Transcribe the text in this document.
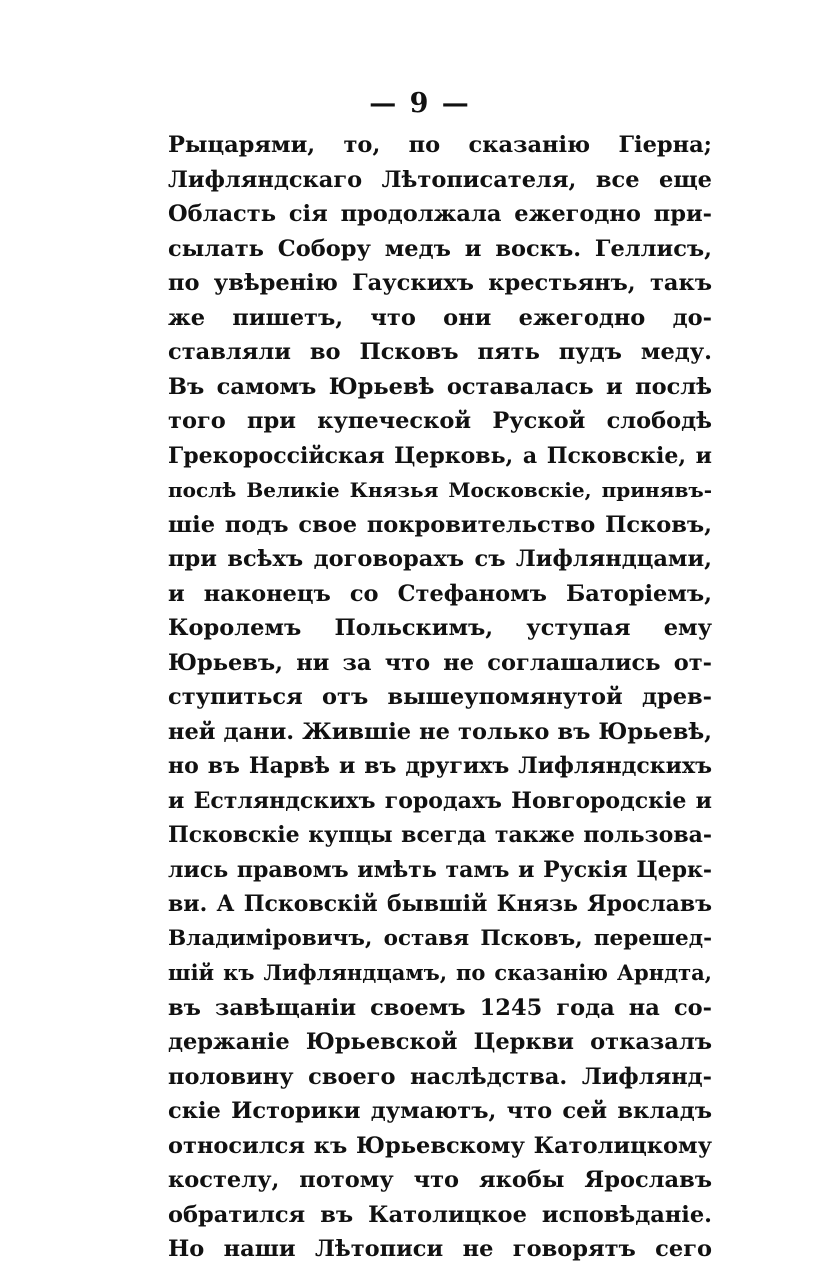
— 9 —
Рыцарями, то, по сказанію Гіерна;
Лифляндскаго Лѣтописателя, все еще
Область сія продолжала ежегодно при-
сылать Собору медъ и воскъ. Геллисъ,
по увѣренію Гаускихъ крестьянъ, такъ
же пишетъ, что они ежегодно до-
ставляли во Псковъ пять пудъ меду.
Въ самомъ Юрьевѣ оставалась и послѣ
того при купеческой Руской слободѣ
Грекороссійская Церковь, а Псковскіе, и
послѣ Великіе Князья Московскіе, принявъ-
шіе подъ свое покровительство Псковъ,
при всѣхъ договорахъ съ Лифляндцами,
и наконецъ со Стефаномъ Баторіемъ,
Королемъ Польскимъ, уступая ему
Юрьевъ, ни за что не соглашались от-
ступиться отъ вышеупомянутой древ-
ней дани. Жившіе не только въ Юрьевѣ,
но въ Нарвѣ и въ другихъ Лифляндскихъ
и Естляндскихъ городахъ Новгородскіе и
Псковскіе купцы всегда также пользова-
лись правомъ имѣть тамъ и Рускія Церк-
ви. А Псковскій бывшій Князь Ярославъ
Владиміровичъ, оставя Псковъ, перешед-
шій къ Лифляндцамъ, по сказанію Арндта,
въ завѣщаніи своемъ 1245 года на со-
держаніе Юрьевской Церкви отказалъ
половину своего наслѣдства. Лифлянд-
скіе Историки думаютъ, что сей вкладъ
относился къ Юрьевскому Католицкому
костелу, потому что якобы Ярославъ
обратился въ Католицкое исповѣданіе.
Но наши Лѣтописи не говорятъ сего
